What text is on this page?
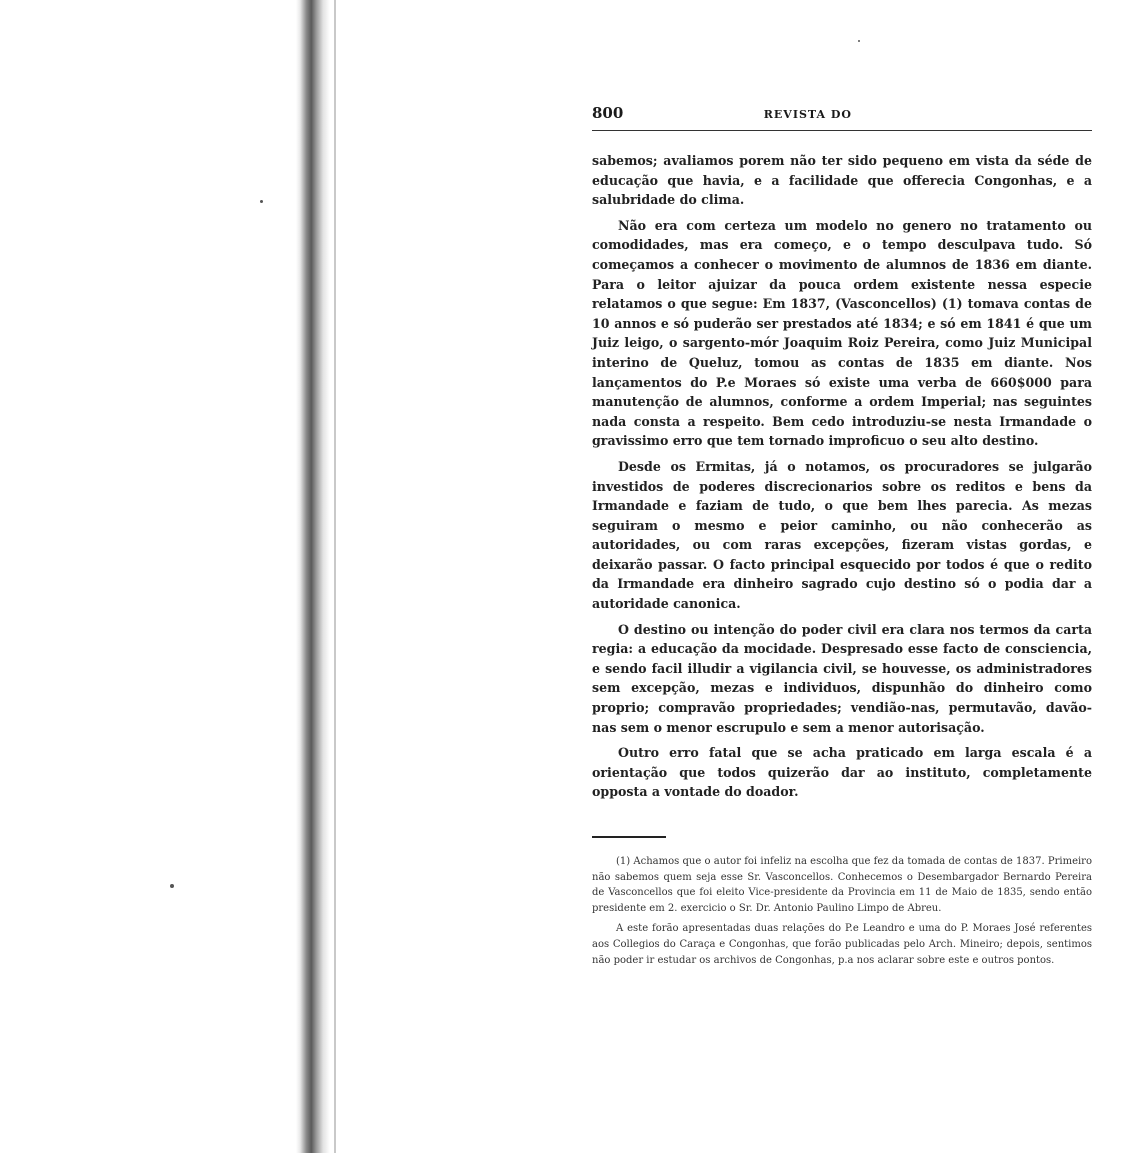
800	REVISTA DO

sabemos; avaliamos porem não ter sido pequeno em vista da séde de educação que havia, e a facilidade que offerecia Congonhas, e a salubridade do clima.

Não era com certeza um modelo no genero no tratamento ou comodidades, mas era começo, e o tempo desculpava tudo. Só começamos a conhecer o movimento de alumnos de 1836 em diante. Para o leitor ajuizar da pouca ordem existente nessa especie relatamos o que segue: Em 1837, (Vasconcellos) (1) tomava contas de 10 annos e só puderão ser prestados até 1834; e só em 1841 é que um Juiz leigo, o sargento-mór Joaquim Roiz Pereira, como Juiz Municipal interino de Queluz, tomou as contas de 1835 em diante. Nos lançamentos do P.e Moraes só existe uma verba de 660$000 para manutenção de alumnos, conforme a ordem Imperial; nas seguintes nada consta a respeito. Bem cedo introduziu-se nesta Irmandade o gravissimo erro que tem tornado improficuo o seu alto destino.

Desde os Ermitas, já o notamos, os procuradores se julgarão investidos de poderes discrecionarios sobre os reditos e bens da Irmandade e faziam de tudo, o que bem lhes parecia. As mezas seguiram o mesmo e peior caminho, ou não conhecerão as autoridades, ou com raras excepções, fizeram vistas gordas, e deixarão passar. O facto principal esquecido por todos é que o redito da Irmandade era dinheiro sagrado cujo destino só o podia dar a autoridade canonica.

O destino ou intenção do poder civil era clara nos termos da carta regia: a educação da mocidade. Despresado esse facto de consciencia, e sendo facil illudir a vigilancia civil, se houvesse, os administradores sem excepção, mezas e individuos, dispunhão do dinheiro como proprio; compravão propriedades; vendião-nas, permutavão, davão-nas sem o menor escrupulo e sem a menor autorisação.

Outro erro fatal que se acha praticado em larga escala é a orientação que todos quizerão dar ao instituto, completamente opposta a vontade do doador.

(1) Achamos que o autor foi infeliz na escolha que fez da tomada de contas de 1837. Primeiro não sabemos quem seja esse Sr. Vasconcellos. Conhecemos o Desembargador Bernardo Pereira de Vasconcellos que foi eleito Vice-presidente da Provincia em 11 de Maio de 1835, sendo então presidente em 2. exercicio o Sr. Dr. Antonio Paulino Limpo de Abreu.

A este forão apresentadas duas relações do P.e Leandro e uma do P. Moraes José referentes aos Collegios do Caraça e Congonhas, que forão publicadas pelo Arch. Mineiro; depois, sentimos não poder ir estudar os archivos de Congonhas, p.a nos aclarar sobre este e outros pontos.
